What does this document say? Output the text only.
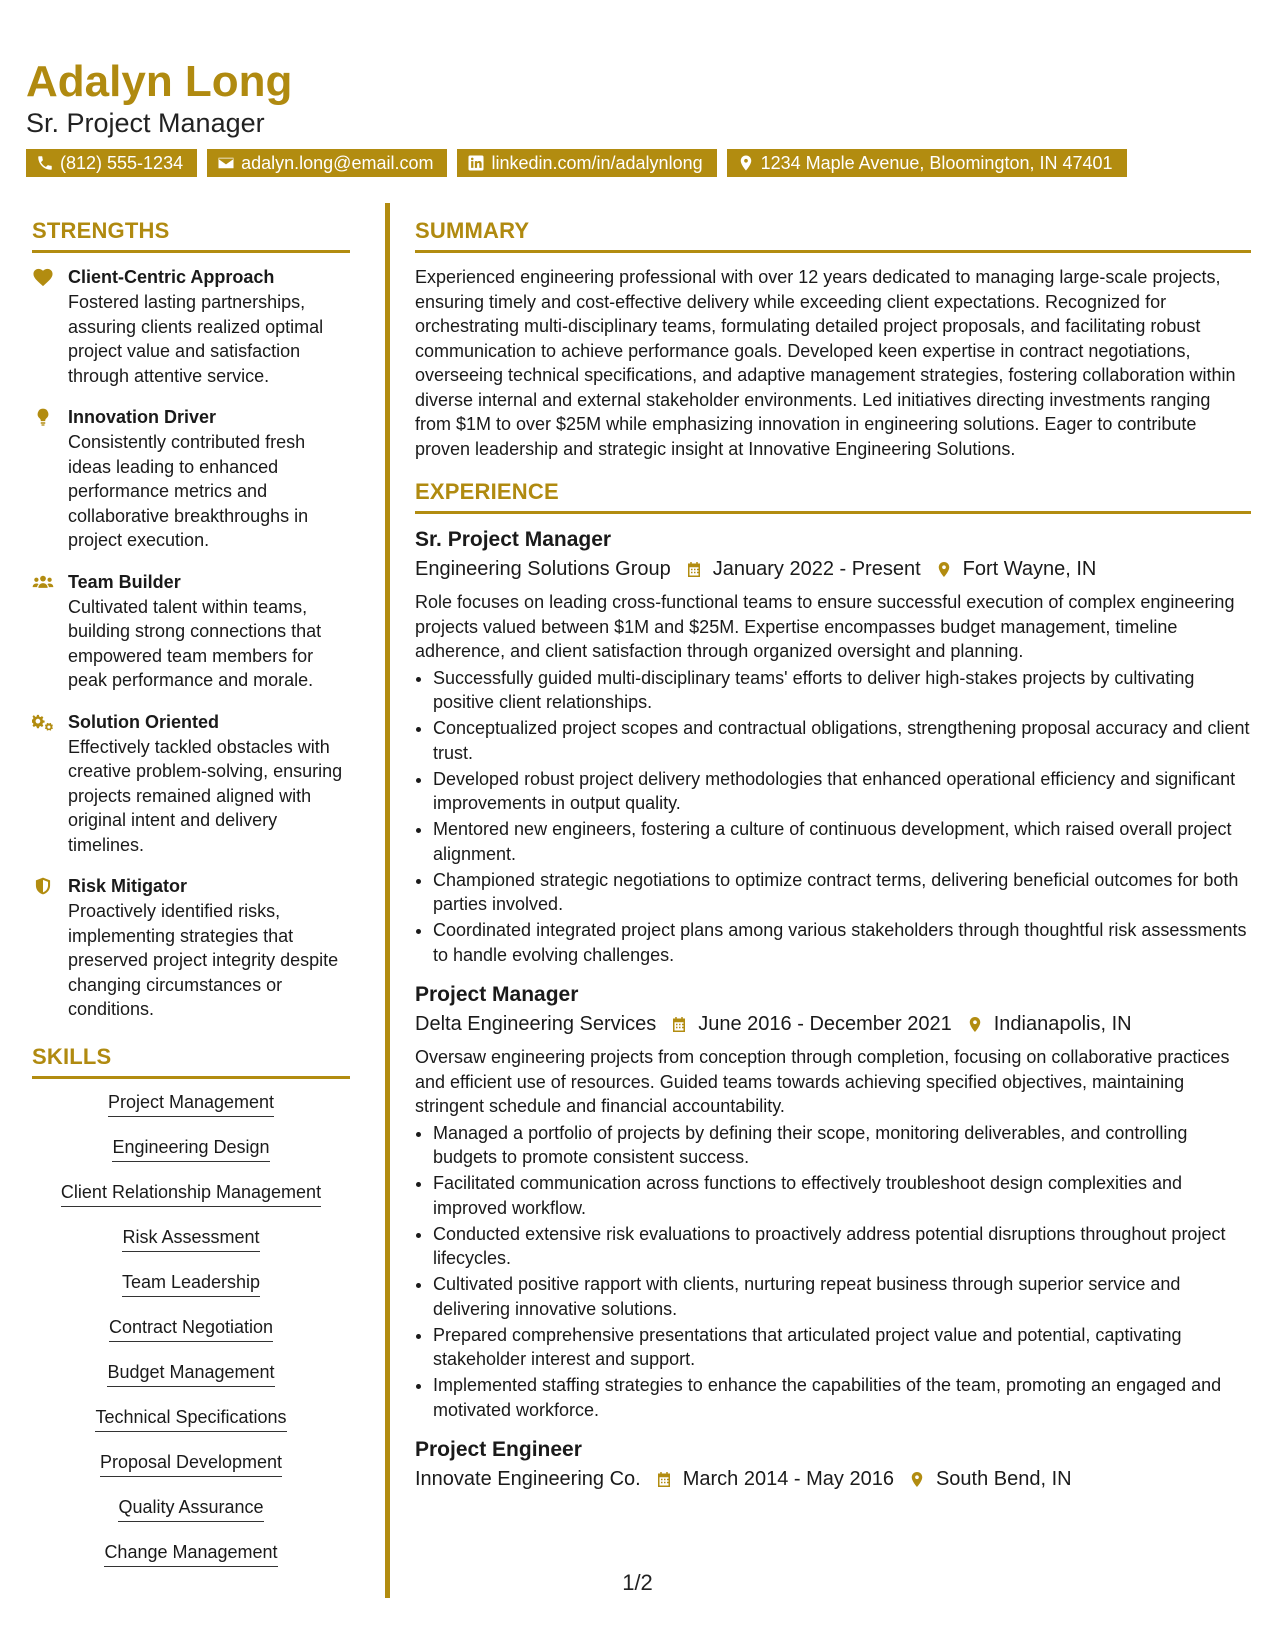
Adalyn Long
Sr. Project Manager
(812) 555-1234	adalyn.long@email.com	linkedin.com/in/adalynlong	1234 Maple Avenue, Bloomington, IN 47401
STRENGTHS
Client-Centric Approach
Fostered lasting partnerships, assuring clients realized optimal project value and satisfaction through attentive service.
Innovation Driver
Consistently contributed fresh ideas leading to enhanced performance metrics and collaborative breakthroughs in project execution.
Team Builder
Cultivated talent within teams, building strong connections that empowered team members for peak performance and morale.
Solution Oriented
Effectively tackled obstacles with creative problem-solving, ensuring projects remained aligned with original intent and delivery timelines.
Risk Mitigator
Proactively identified risks, implementing strategies that preserved project integrity despite changing circumstances or conditions.
SKILLS
Project Management
Engineering Design
Client Relationship Management
Risk Assessment
Team Leadership
Contract Negotiation
Budget Management
Technical Specifications
Proposal Development
Quality Assurance
Change Management
SUMMARY
Experienced engineering professional with over 12 years dedicated to managing large-scale projects, ensuring timely and cost-effective delivery while exceeding client expectations. Recognized for orchestrating multi-disciplinary teams, formulating detailed project proposals, and facilitating robust communication to achieve performance goals. Developed keen expertise in contract negotiations, overseeing technical specifications, and adaptive management strategies, fostering collaboration within diverse internal and external stakeholder environments. Led initiatives directing investments ranging from $1M to over $25M while emphasizing innovation in engineering solutions. Eager to contribute proven leadership and strategic insight at Innovative Engineering Solutions.
EXPERIENCE
Sr. Project Manager
Engineering Solutions Group January 2022 - Present Fort Wayne, IN
Role focuses on leading cross-functional teams to ensure successful execution of complex engineering projects valued between $1M and $25M. Expertise encompasses budget management, timeline adherence, and client satisfaction through organized oversight and planning.
• Successfully guided multi-disciplinary teams' efforts to deliver high-stakes projects by cultivating positive client relationships.
• Conceptualized project scopes and contractual obligations, strengthening proposal accuracy and client trust.
• Developed robust project delivery methodologies that enhanced operational efficiency and significant improvements in output quality.
• Mentored new engineers, fostering a culture of continuous development, which raised overall project alignment.
• Championed strategic negotiations to optimize contract terms, delivering beneficial outcomes for both parties involved.
• Coordinated integrated project plans among various stakeholders through thoughtful risk assessments to handle evolving challenges.
Project Manager
Delta Engineering Services June 2016 - December 2021 Indianapolis, IN
Oversaw engineering projects from conception through completion, focusing on collaborative practices and efficient use of resources. Guided teams towards achieving specified objectives, maintaining stringent schedule and financial accountability.
• Managed a portfolio of projects by defining their scope, monitoring deliverables, and controlling budgets to promote consistent success.
• Facilitated communication across functions to effectively troubleshoot design complexities and improved workflow.
• Conducted extensive risk evaluations to proactively address potential disruptions throughout project lifecycles.
• Cultivated positive rapport with clients, nurturing repeat business through superior service and delivering innovative solutions.
• Prepared comprehensive presentations that articulated project value and potential, captivating stakeholder interest and support.
• Implemented staffing strategies to enhance the capabilities of the team, promoting an engaged and motivated workforce.
Project Engineer
Innovate Engineering Co. March 2014 - May 2016 South Bend, IN
1/2
